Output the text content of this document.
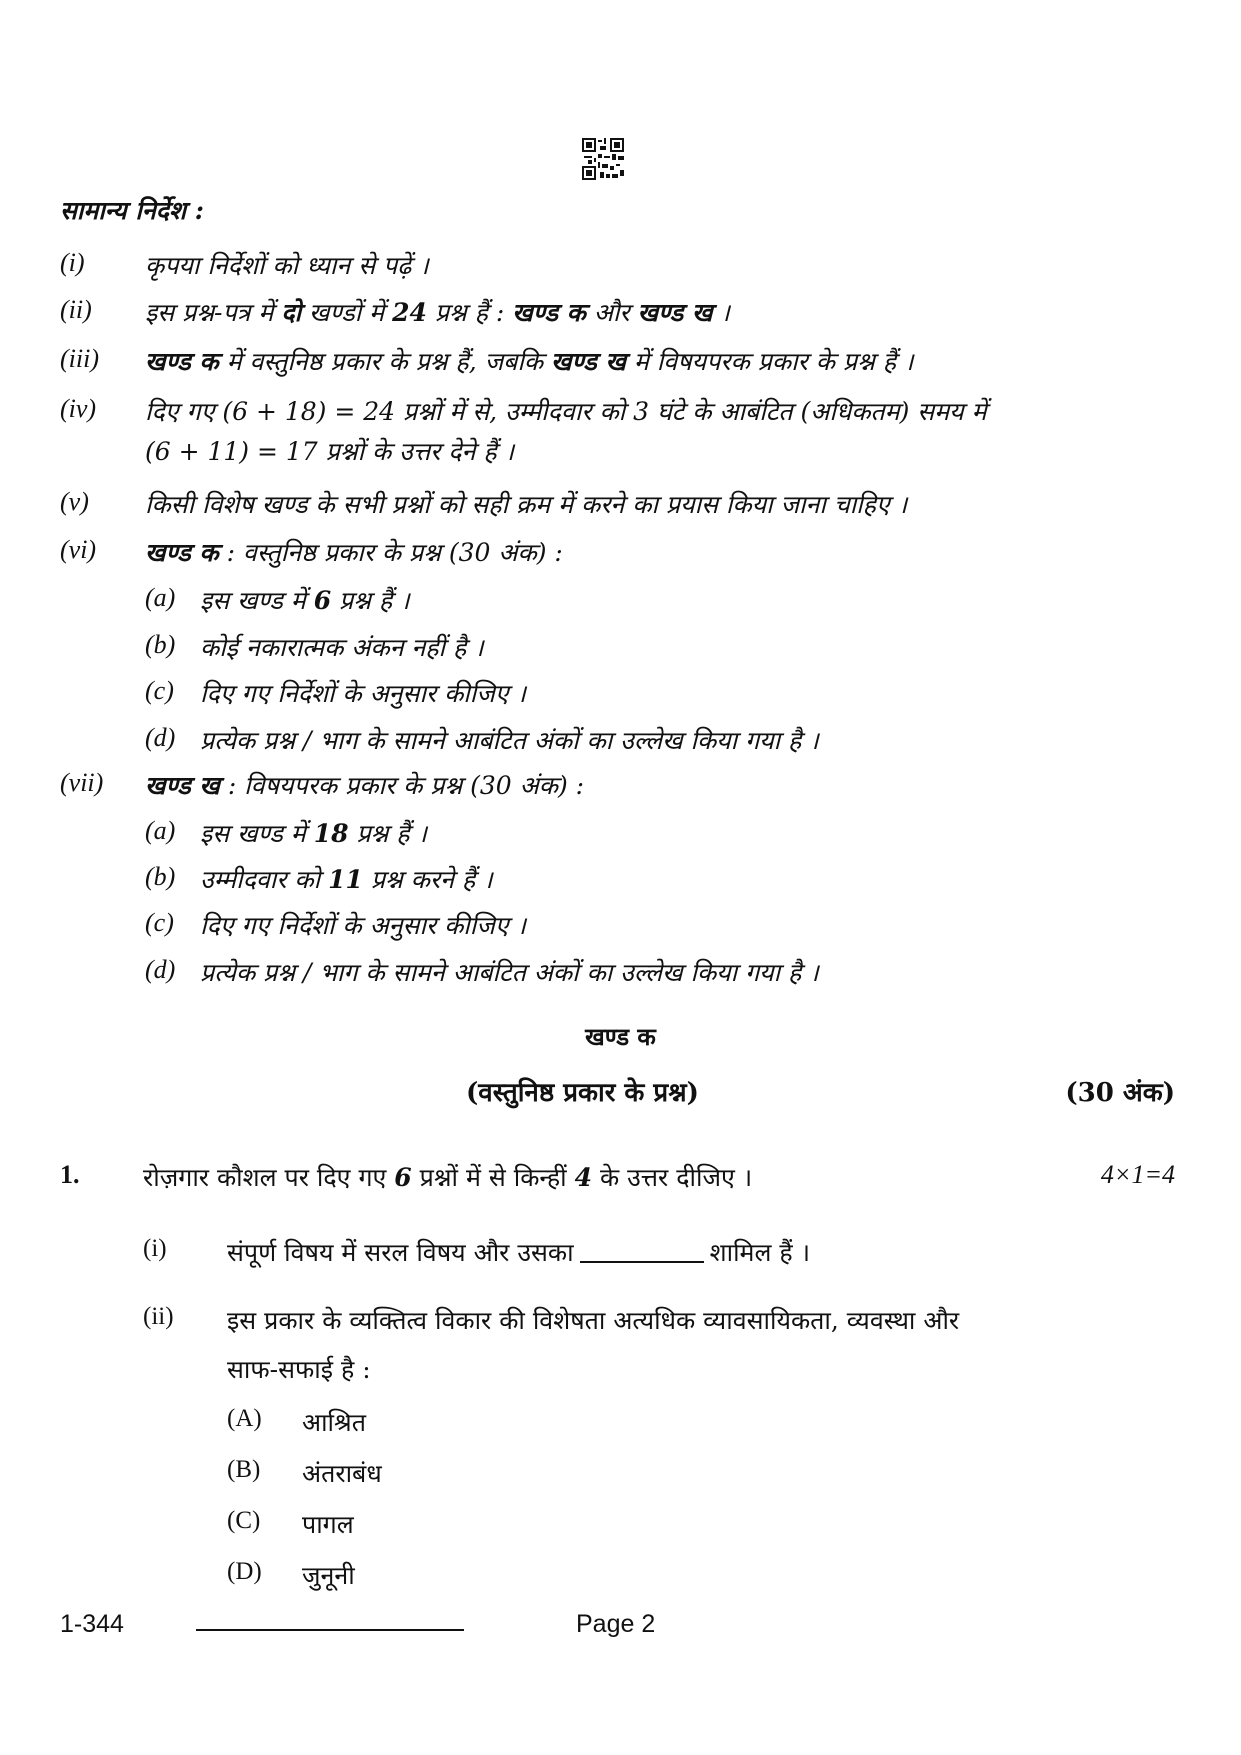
सामान्य निर्देश :
(i) कृपया निर्देशों को ध्यान से पढ़ें ।
(ii) इस प्रश्न-पत्र में दो खण्डों में 24 प्रश्न हैं : खण्ड क और खण्ड ख ।
(iii) खण्ड क में वस्तुनिष्ठ प्रकार के प्रश्न हैं, जबकि खण्ड ख में विषयपरक प्रकार के प्रश्न हैं ।
(iv) दिए गए (6 + 18) = 24 प्रश्नों में से, उम्मीदवार को 3 घंटे के आबंटित (अधिकतम) समय में
(6 + 11) = 17 प्रश्नों के उत्तर देने हैं ।
(v) किसी विशेष खण्ड के सभी प्रश्नों को सही क्रम में करने का प्रयास किया जाना चाहिए ।
(vi) खण्ड क : वस्तुनिष्ठ प्रकार के प्रश्न (30 अंक) :
(a) इस खण्ड में 6 प्रश्न हैं ।
(b) कोई नकारात्मक अंकन नहीं है ।
(c) दिए गए निर्देशों के अनुसार कीजिए ।
(d) प्रत्येक प्रश्न / भाग के सामने आबंटित अंकों का उल्लेख किया गया है ।
(vii) खण्ड ख : विषयपरक प्रकार के प्रश्न (30 अंक) :
(a) इस खण्ड में 18 प्रश्न हैं ।
(b) उम्मीदवार को 11 प्रश्न करने हैं ।
(c) दिए गए निर्देशों के अनुसार कीजिए ।
(d) प्रत्येक प्रश्न / भाग के सामने आबंटित अंकों का उल्लेख किया गया है ।
खण्ड क
(वस्तुनिष्ठ प्रकार के प्रश्न)	(30 अंक)
1.	रोज़गार कौशल पर दिए गए 6 प्रश्नों में से किन्हीं 4 के उत्तर दीजिए ।	4×1=4
(i) संपूर्ण विषय में सरल विषय और उसका	शामिल हैं ।
(ii) इस प्रकार के व्यक्तित्व विकार की विशेषता अत्यधिक व्यावसायिकता, व्यवस्था और
साफ-सफाई है :
(A) आश्रित
(B) अंतराबंध
(C) पागल
(D) जुनूनी
1-344	Page 2
